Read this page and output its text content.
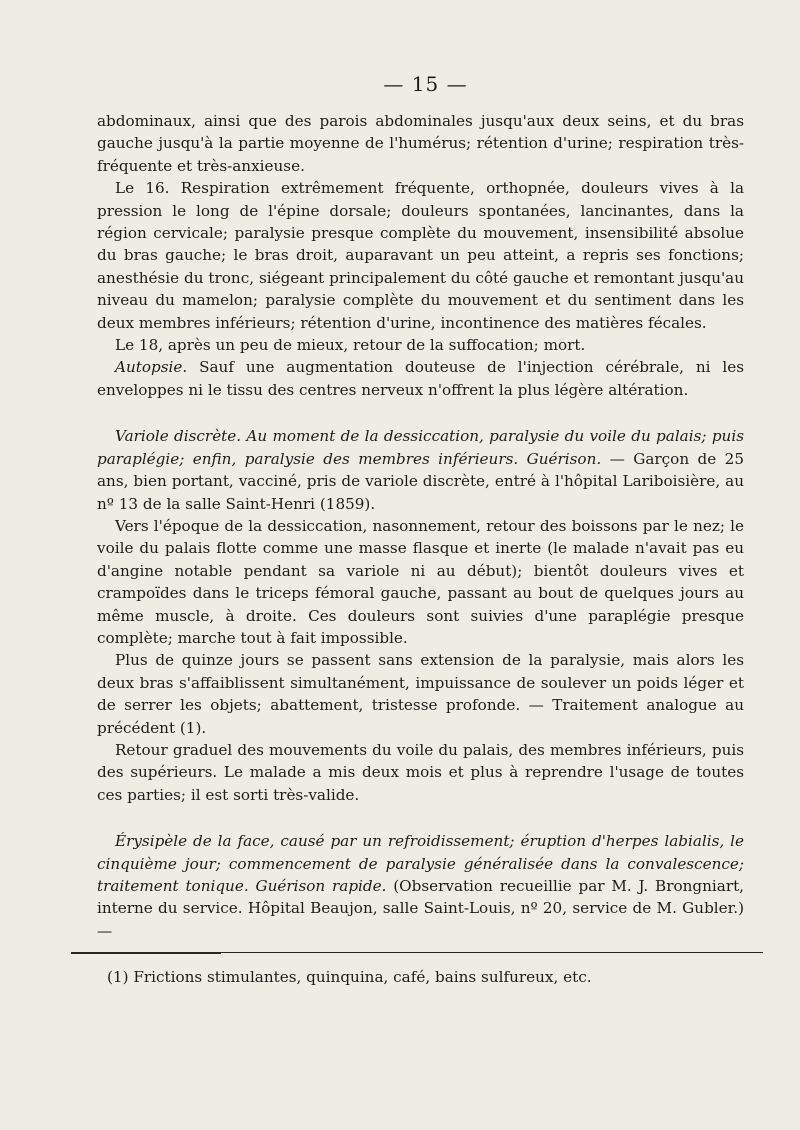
— 15 —

abdominaux, ainsi que des parois abdominales jusqu'aux deux seins, et du bras gauche jusqu'à la partie moyenne de l'humérus; rétention d'urine; respiration très-fréquente et très-anxieuse.

Le 16. Respiration extrêmement fréquente, orthopnée, douleurs vives à la pression le long de l'épine dorsale; douleurs spontanées, lancinantes, dans la région cervicale; paralysie presque complète du mouvement, insensibilité absolue du bras gauche; le bras droit, auparavant un peu atteint, a repris ses fonctions; anesthésie du tronc, siégeant principalement du côté gauche et remontant jusqu'au niveau du mamelon; paralysie complète du mouvement et du sentiment dans les deux membres inférieurs; rétention d'urine, incontinence des matières fécales.

Le 18, après un peu de mieux, retour de la suffocation; mort.

Autopsie. Sauf une augmentation douteuse de l'injection cérébrale, ni les enveloppes ni le tissu des centres nerveux n'offrent la plus légère altération.

Variole discrète. Au moment de la dessiccation, paralysie du voile du palais; puis paraplégie; enfin, paralysie des membres inférieurs. Guérison. — Garçon de 25 ans, bien portant, vacciné, pris de variole discrète, entré à l'hôpital Lariboisière, au nº 13 de la salle Saint-Henri (1859).

Vers l'époque de la dessiccation, nasonnement, retour des boissons par le nez; le voile du palais flotte comme une masse flasque et inerte (le malade n'avait pas eu d'angine notable pendant sa variole ni au début); bientôt douleurs vives et crampoïdes dans le triceps fémoral gauche, passant au bout de quelques jours au même muscle, à droite. Ces douleurs sont suivies d'une paraplégie presque complète; marche tout à fait impossible.

Plus de quinze jours se passent sans extension de la paralysie, mais alors les deux bras s'affaiblissent simultanément, impuissance de soulever un poids léger et de serrer les objets; abattement, tristesse profonde. — Traitement analogue au précédent (1).

Retour graduel des mouvements du voile du palais, des membres inférieurs, puis des supérieurs. Le malade a mis deux mois et plus à reprendre l'usage de toutes ces parties; il est sorti très-valide.

Érysipèle de la face, causé par un refroidissement; éruption d'herpes labialis, le cinquième jour; commencement de paralysie généralisée dans la convalescence; traitement tonique. Guérison rapide. (Observation recueillie par M. J. Brongniart, interne du service. Hôpital Beaujon, salle Saint-Louis, nº 20, service de M. Gubler.) —

(1) Frictions stimulantes, quinquina, café, bains sulfureux, etc.
